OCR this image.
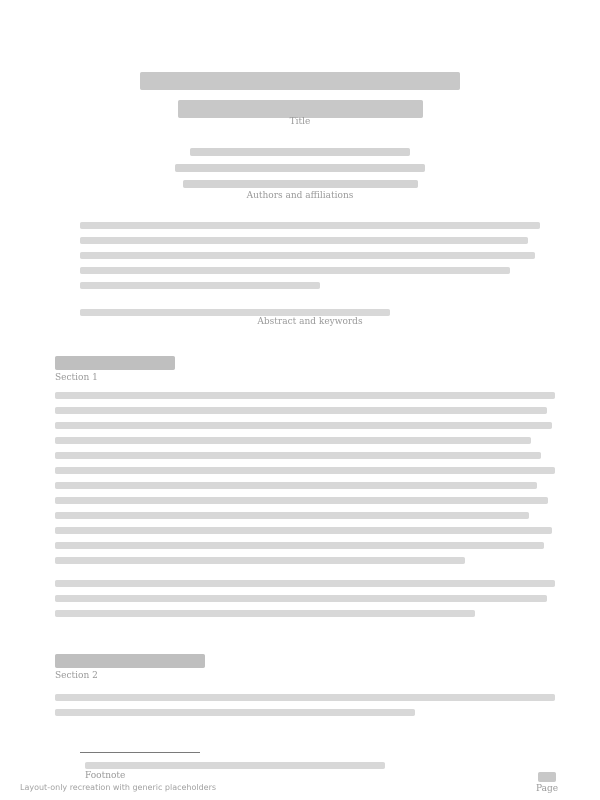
Title
Authors and affiliations
Abstract and keywords
Section 1
Section 2
Footnote
Page
Layout-only recreation with generic placeholders
